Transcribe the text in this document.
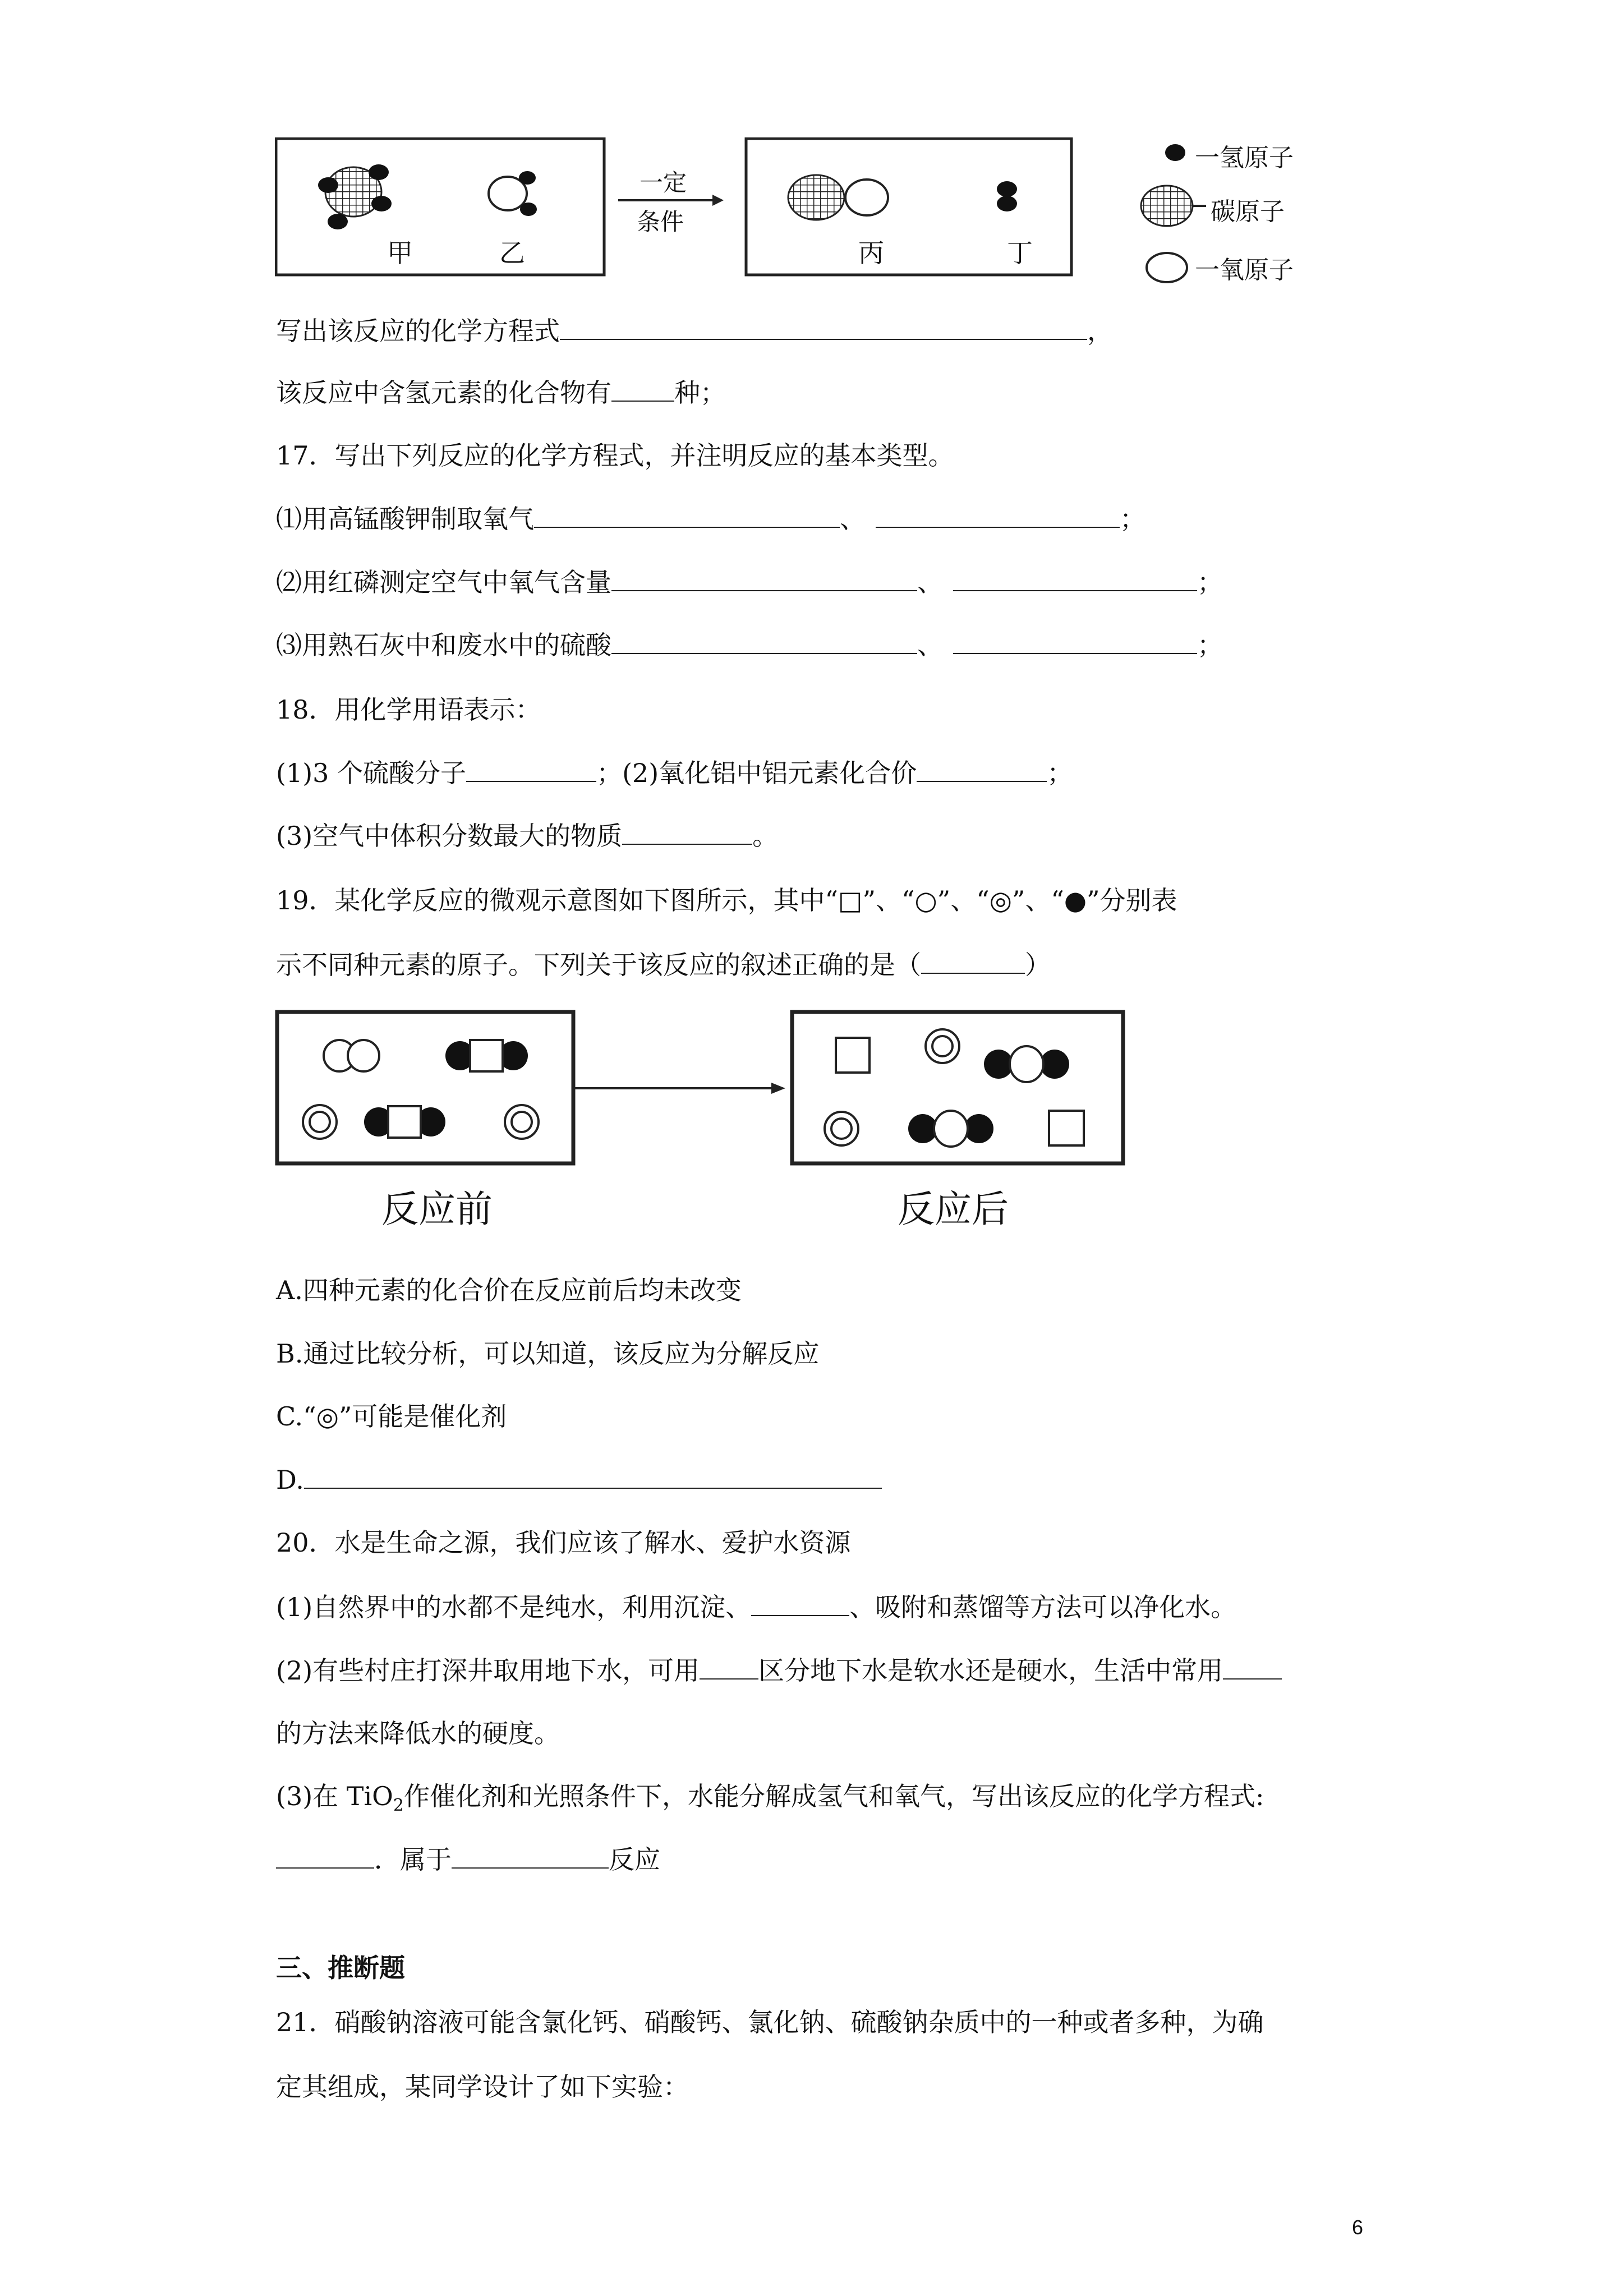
甲	乙	丙	丁
一定
条件
一氢原子
碳原子
一氧原子
写出该反应的化学方程式	，
该反应中含氢元素的化合物有 种；
17．写出下列反应的化学方程式，并注明反应的基本类型。
⑴用高锰酸钾制取氧气	、	；
⑵用红磷测定空气中氧气含量	、	；
⑶用熟石灰中和废水中的硫酸	、	；
18．用化学用语表示：
(1)3 个硫酸分子	；(2)氧化铝中铝元素化合价	；
(3)空气中体积分数最大的物质	。
19．某化学反应的微观示意图如下图所示，其中“□”、“○”、“◎”、“●”分别表
示不同种元素的原子。下列关于该反应的叙述正确的是（	）
反应前	反应后
A.四种元素的化合价在反应前后均未改变
B.通过比较分析，可以知道，该反应为分解反应
C.“◎”可能是催化剂
D.
20．水是生命之源，我们应该了解水、爱护水资源
(1)自然界中的水都不是纯水，利用沉淀、	、吸附和蒸馏等方法可以净化水。
(2)有些村庄打深井取用地下水，可用 区分地下水是软水还是硬水，生活中常用
的方法来降低水的硬度。
(3)在 TiO$_2$作催化剂和光照条件下，水能分解成氢气和氧气，写出该反应的化学方程式:
．属于	反应
三、推断题
21．硝酸钠溶液可能含氯化钙、硝酸钙、氯化钠、硫酸钠杂质中的一种或者多种，为确
定其组成，某同学设计了如下实验：
6
